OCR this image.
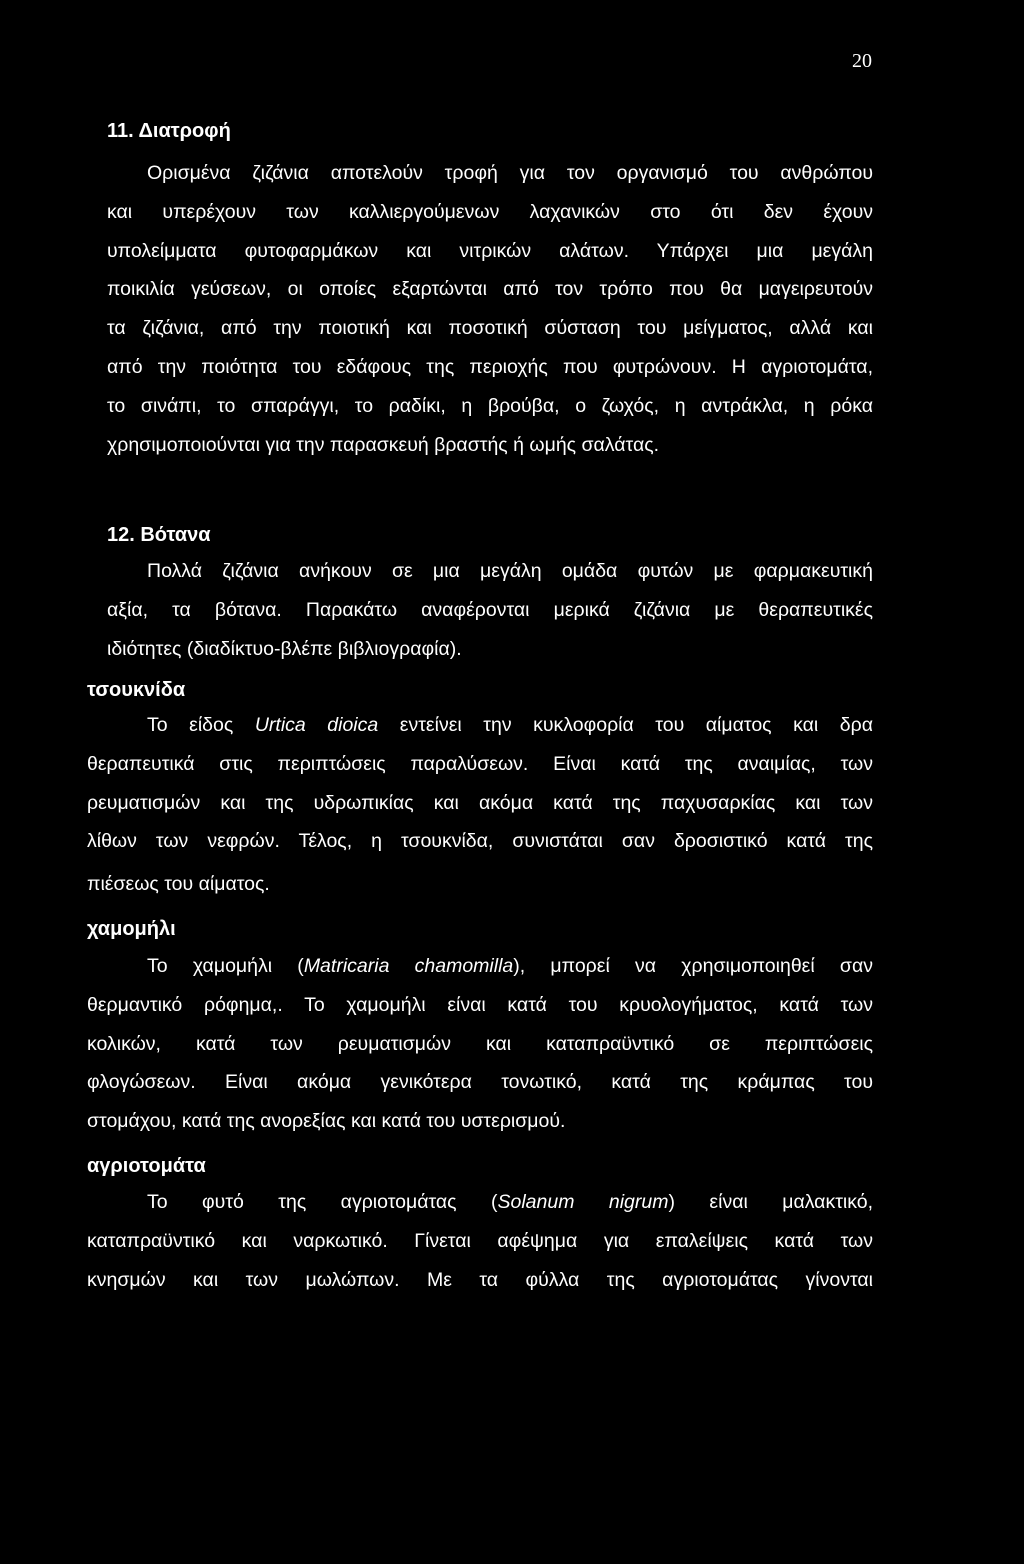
20
11. Διατροφή
Ορισμένα ζιζάνια αποτελούν τροφή για τον οργανισμό του ανθρώπου
και υπερέχουν των καλλιεργούμενων λαχανικών στο ότι δεν έχουν
υπολείμματα φυτοφαρμάκων και νιτρικών αλάτων. Υπάρχει μια μεγάλη
ποικιλία γεύσεων, οι οποίες εξαρτώνται από τον τρόπο που θα μαγειρευτούν
τα ζιζάνια, από την ποιοτική και ποσοτική σύσταση του μείγματος, αλλά και
από την ποιότητα του εδάφους της περιοχής που φυτρώνουν. Η αγριοτομάτα,
το σινάπι, το σπαράγγι, το ραδίκι, η βρούβα, ο ζωχός, η αντράκλα, η ρόκα
χρησιμοποιούνται για την παρασκευή βραστής ή ωμής σαλάτας.
12. Βότανα
Πολλά ζιζάνια ανήκουν σε μια μεγάλη ομάδα φυτών με φαρμακευτική
αξία, τα βότανα. Παρακάτω αναφέρονται μερικά ζιζάνια με θεραπευτικές
ιδιότητες (διαδίκτυο-βλέπε βιβλιογραφία).
τσουκνίδα
Το είδος Urtica dioica εντείνει την κυκλοφορία του αίματος και δρα
θεραπευτικά στις περιπτώσεις παραλύσεων. Είναι κατά της αναιμίας, των
ρευματισμών και της υδρωπικίας και ακόμα κατά της παχυσαρκίας και των
λίθων των νεφρών. Τέλος, η τσουκνίδα, συνιστάται σαν δροσιστικό κατά της
πιέσεως του αίματος.
χαμομήλι
Το χαμομήλι (Matricaria chamomilla), μπορεί να χρησιμοποιηθεί σαν
θερμαντικό ρόφημα,. Το χαμομήλι είναι κατά του κρυολογήματος, κατά των
κολικών, κατά των ρευματισμών και καταπραϋντικό σε περιπτώσεις
φλογώσεων. Είναι ακόμα γενικότερα τονωτικό, κατά της κράμπας του
στομάχου, κατά της ανορεξίας και κατά του υστερισμού.
αγριοτομάτα
Το φυτό της αγριοτομάτας (Solanum nigrum) είναι μαλακτικό,
καταπραϋντικό και ναρκωτικό. Γίνεται αφέψημα για επαλείψεις κατά των
κνησμών και των μωλώπων. Με τα φύλλα της αγριοτομάτας γίνονται
